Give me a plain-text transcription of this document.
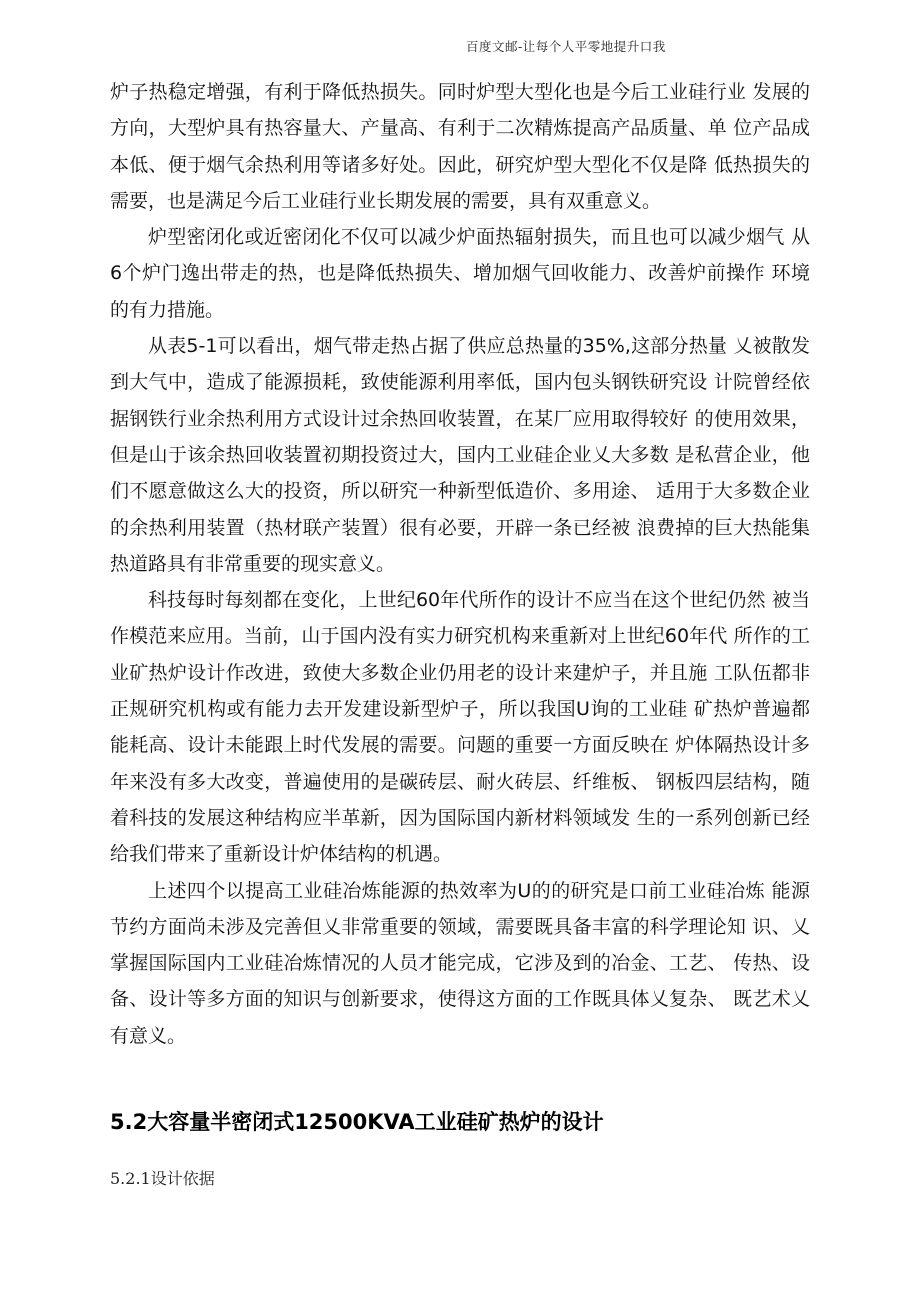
百度文邮-让每个人平零地提升口我

炉子热稳定增强，有利于降低热损失。同时炉型大型化也是今后工业硅行业 发展的方向，大型炉具有热容量大、产量高、有利于二次精炼提高产品质量、单 位产品成本低、便于烟气余热利用等诸多好处。因此，研究炉型大型化不仅是降 低热损失的需要，也是满足今后工业硅行业长期发展的需要，具有双重意义。

炉型密闭化或近密闭化不仅可以减少炉面热辐射损失，而且也可以减少烟气 从6个炉门逸出带走的热，也是降低热损失、增加烟气回收能力、改善炉前操作 环境的有力措施。

从表5-1可以看出，烟气带走热占据了供应总热量的35%,这部分热量 乂被散发到大气中，造成了能源损耗，致使能源利用率低，国内包头钢铁研究设 计院曾经依据钢铁行业余热利用方式设计过余热回收装置，在某厂应用取得较好 的使用效果，但是山于该余热回收装置初期投资过大，国内工业硅企业乂大多数 是私营企业，他们不愿意做这么大的投资，所以研究一种新型低造价、多用途、 适用于大多数企业的余热利用装置（热材联产装置）很有必要，开辟一条已经被 浪费掉的巨大热能集热道路具有非常重要的现实意义。

科技每时每刻都在变化，上世纪60年代所作的设计不应当在这个世纪仍然 被当作模范来应用。当前，山于国内没有实力研究机构来重新对上世纪60年代 所作的工业矿热炉设计作改进，致使大多数企业仍用老的设计来建炉子，并且施 工队伍都非正规研究机构或有能力去开发建设新型炉子，所以我国U询的工业硅 矿热炉普遍都能耗高、设计未能跟上时代发展的需要。问题的重要一方面反映在 炉体隔热设计多年来没有多大改变，普遍使用的是碳砖层、耐火砖层、纤维板、 钢板四层结构，随着科技的发展这种结构应半革新，因为国际国内新材料领域发 生的一系列创新已经给我们带来了重新设计炉体结构的机遇。

上述四个以提高工业硅冶炼能源的热效率为U的的研究是口前工业硅冶炼 能源节约方面尚未涉及完善但乂非常重要的领域，需要既具备丰富的科学理论知 识、乂掌握国际国内工业硅冶炼情况的人员才能完成，它涉及到的冶金、工艺、 传热、设备、设计等多方面的知识与创新要求，使得这方面的工作既具体乂复杂、 既艺术乂有意义。

5.2大容量半密闭式12500KVA工业硅矿热炉的设计
5.2.1设计依据
